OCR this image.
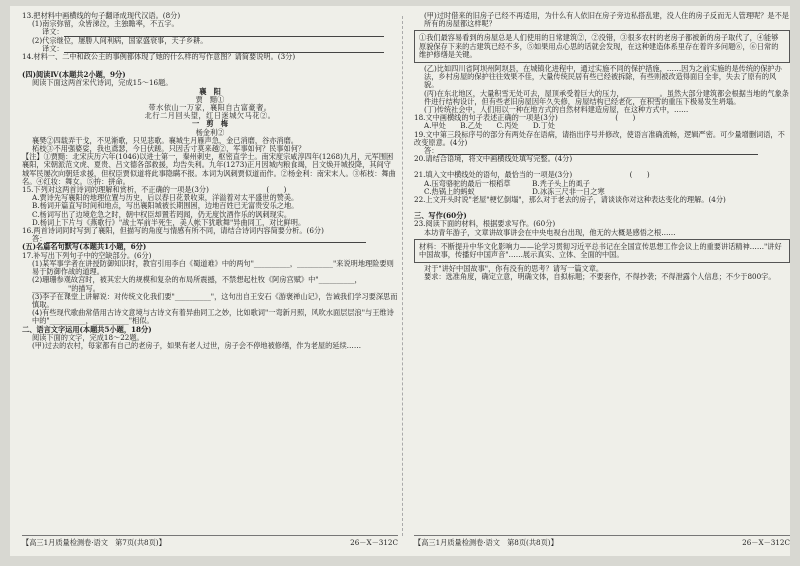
13.把材料中画横线的句子翻译成现代汉语。(8分)

(1)南宗弥留，众皆涕泣，主独瞻率，不五字。

译文：

(2)代宗继位，屡勝人间利病，国家盛衰事，天子乡耕。

译文：

14.材料一、二中和政公主的事例都体现了她的什么样的写作意图？请简要说明。(3分)

(四)阅读Ⅳ(本题共2小题，9分)

阅读下面这两首宋代诗词，完成15～16题。

襄　阳

贾　黯①

带水依山一万家，襄阳自古富豪奢。

北行二月回头望，红日迷城欠马花②。

一　剪　梅

杨金利②

襄樊②四载弄干戈，不见渐歌，只见悲歌。襄城生月雁声急，金已消磨，谷亦消磨。

柘枝③不用强婆娑，我也鳶瑟，今日伏蹉。只因舌寸莫来越②，军事如何？民事如何？

【注】①贾黯：北宋庆历六年(1046)以进士第一，秦州刺史，枢密直学士。南宋度宗咸淳四年(1268)九月，元军围困襄阳，宋朝派范文虎、夏贵、吕文德各部救援，均告失利。九年(1273)正月因城内粮食竭，吕文焕开城投降，其间守城军民屡次向朝廷求援，但权臣贾似道将此事隐瞒不报。本词为讽刺贾似道而作。②杨金利：南宋末人。③柘枝：舞曲名。④红妆：舞女。⑤拚：拼命。

15.下列对这两首诗词的理解和赏析，不正确的一项是(3分)　　　　　　　　(　　)

A.贾诗先写襄阳的地理位置与历史，后以春日花景收束，洋溢着对太平盛世的赞美。

B.杨词开篇直写时间和地点，写出襄阳城被长期围困，边地百姓已无富贵安乐之地。

C.杨词写出了边境危急之时，朝中权臣却置若罔闻，仍无度饮酒作乐的讽刺现实。

D.杨词上下片与《燕歌行》"战士军前半死生，美人帐下犹歌舞"异曲同工，对比鲜明。

16.两首诗词同时写到了襄阳，但描写的角度与情感有所不同，请结合诗词内容简要分析。(6分)

答：

(五)名篇名句默写(本题共1小题，6分)

17.补写出下列句子中的空缺部分。(6分)

(1)某军事学者在讲授防御知识时，教官引用李白《蜀道难》中的两句"__________，__________"来说明地理险要则易于防御作战的道理。

(2)珊珊参观故宫时，被其宏大的规模和复杂的布局所震撼，不禁想起杜牧《阿房宫赋》中"__________，__________"的描写。

(3)李子在课堂上讲解说：对传统文化我们要"__________"，这句出自王安石《游褒禅山记》，告诫我们学习要深思而慎取。

(4)有些现代歌曲常借用古诗文意境与古诗文有着异曲同工之妙，比如歌词"一弯新月照，风吹水面层层浪"与王维诗中的"__________，__________"相似。

二、语言文字运用(本题共5小题，18分)

阅读下面的文字，完成18～22题。

(甲)过去的农村，每家都有自己的老房子，如果有老人过世，房子会不停地被修缮，作为老屋的延续……

【高三1月质量检测卷·语文　第7页(共8页)】	26－X－312C

(甲)过时借来的旧房子已经不再适用，为什么有人依旧在房子旁边私搭乱建，没人住的房子反而无人管理呢？是不是所有的房屋都这样呢？

①我们最容易看到的房屋总是人们使用的日常建筑②，②没错，③很多农村的老房子都被新的房子取代了，④能够原貌保存下来的古建筑已经不多，⑤如果用点心思的话就会发现，在这种建造体系里存在着许多问题⑥，⑥日常的维护修缮是关键。

(乙)比如四川省阿坝州阿坝县，在城镇化进程中，通过实施不同的保护措施，……因为之前实施的是传统的保护办法，乡村房屋的保护往往效果不佳，大量传统民居有些已经被拆除，有些则被改造得面目全非，失去了原有的风貌。

(丙)在东北地区，大量积雪无处可去，屋顶承受着巨大的压力，__________。虽然大部分建筑都会根据当地的气象条件进行结构设计，但有些老旧房屋因年久失修，房屋结构已经老化，在积雪的重压下极易发生坍塌。

(丁)传统社会中，人们用以一种在地方式的自然材料建造房屋，在这种方式中，……

18.文中画横线的句子表述正确的一项是(3分)　　　　　　　　(　　)

A.甲处　　B.乙处　　C.丙处　　D.丁处

19.文中第三段标序号的部分有两处存在语病，请指出序号并修改，使语言准确流畅，逻辑严密。可少量增删词语，不改变原意。(4分)

答：

20.请结合语境，将文中画横线处填写完整。(4分)

21.填入文中横线处的语句，最恰当的一项是(3分)　　　　　　　　(　　)

A.压弯骆驼的最后一根稻草　　　B.秃子头上的虱子

C.热锅上的蚂蚁　　　　　　　　D.冰冻三尺非一日之寒

22.上文开头时说"老屋"梗忆倒塌"，那么对于老去的房子，请谈谈你对这种表达变化的理解。(4分)

三、写作(60分)

23.阅读下面的材料，根据要求写作。(60分)

本坊青年游子，文章讲故事讲会在中央电视台出现，他无的大概是感悟之根……

材料：不断提升中华文化影响力——论学习贯彻习近平总书记在全国宣传思想工作会议上的重要讲话精神……"讲好中国故事，传播好中国声音"……展示真实、立体、全面的中国。

对于"讲好中国故事"，你有没有的思考？请写一篇文章。

要求：选准角度，确定立意，明确文体，自拟标题；不要套作，不得抄袭；不得泄露个人信息；不少于800字。

【高三1月质量检测卷·语文　第8页(共8页)】	26－X－312C
